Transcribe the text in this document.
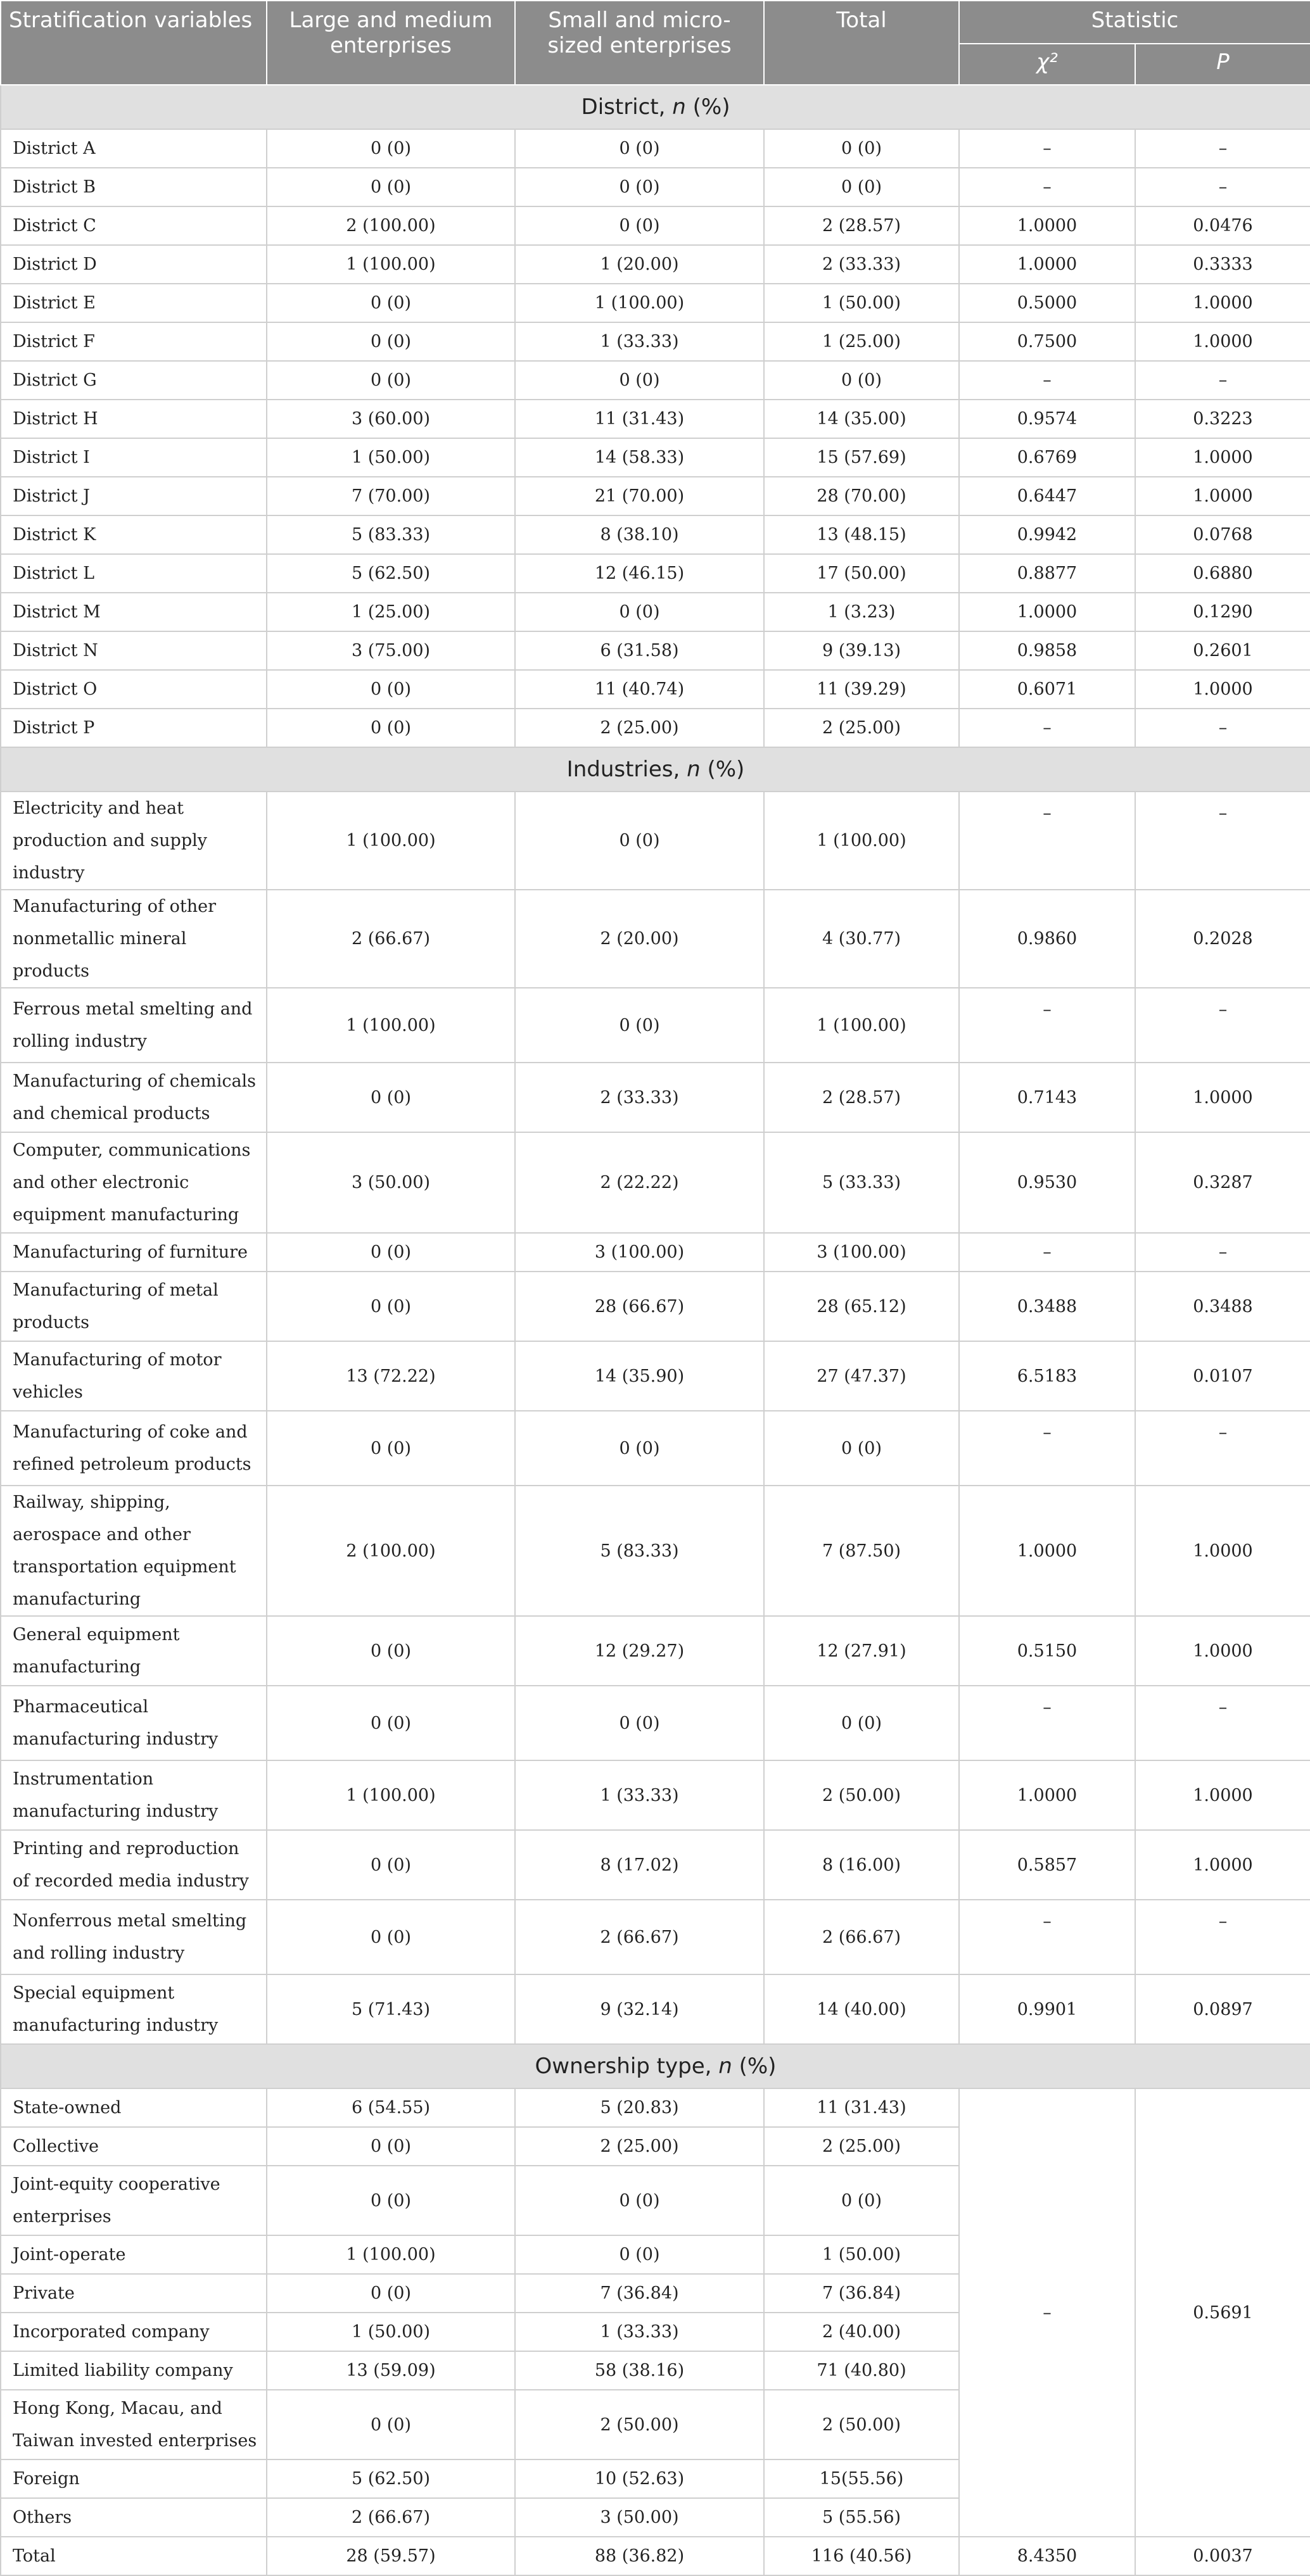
Stratification variables	Large and medium enterprises	Small and micro-sized enterprises	Total	Statistic	
				χ²	P
District, n (%)					
District A	0 (0)	0 (0)	0 (0)	–	–
District B	0 (0)	0 (0)	0 (0)	–	–
District C	2 (100.00)	0 (0)	2 (28.57)	1.0000	0.0476
District D	1 (100.00)	1 (20.00)	2 (33.33)	1.0000	0.3333
District E	0 (0)	1 (100.00)	1 (50.00)	0.5000	1.0000
District F	0 (0)	1 (33.33)	1 (25.00)	0.7500	1.0000
District G	0 (0)	0 (0)	0 (0)	–	–
District H	3 (60.00)	11 (31.43)	14 (35.00)	0.9574	0.3223
District I	1 (50.00)	14 (58.33)	15 (57.69)	0.6769	1.0000
District J	7 (70.00)	21 (70.00)	28 (70.00)	0.6447	1.0000
District K	5 (83.33)	8 (38.10)	13 (48.15)	0.9942	0.0768
District L	5 (62.50)	12 (46.15)	17 (50.00)	0.8877	0.6880
District M	1 (25.00)	0 (0)	1 (3.23)	1.0000	0.1290
District N	3 (75.00)	6 (31.58)	9 (39.13)	0.9858	0.2601
District O	0 (0)	11 (40.74)	11 (39.29)	0.6071	1.0000
District P	0 (0)	2 (25.00)	2 (25.00)	–	–
Industries, n (%)					
Electricity and heat production and supply industry	1 (100.00)	0 (0)	1 (100.00)	–	–
Manufacturing of other nonmetallic mineral products	2 (66.67)	2 (20.00)	4 (30.77)	0.9860	0.2028
Ferrous metal smelting and rolling industry	1 (100.00)	0 (0)	1 (100.00)	–	–
Manufacturing of chemicals and chemical products	0 (0)	2 (33.33)	2 (28.57)	0.7143	1.0000
Computer, communications and other electronic equipment manufacturing	3 (50.00)	2 (22.22)	5 (33.33)	0.9530	0.3287
Manufacturing of furniture	0 (0)	3 (100.00)	3 (100.00)	–	–
Manufacturing of metal products	0 (0)	28 (66.67)	28 (65.12)	0.3488	0.3488
Manufacturing of motor vehicles	13 (72.22)	14 (35.90)	27 (47.37)	6.5183	0.0107
Manufacturing of coke and refined petroleum products	0 (0)	0 (0)	0 (0)	–	–
Railway, shipping, aerospace and other transportation equipment manufacturing	2 (100.00)	5 (83.33)	7 (87.50)	1.0000	1.0000
General equipment manufacturing	0 (0)	12 (29.27)	12 (27.91)	0.5150	1.0000
Pharmaceutical manufacturing industry	0 (0)	0 (0)	0 (0)	–	–
Instrumentation manufacturing industry	1 (100.00)	1 (33.33)	2 (50.00)	1.0000	1.0000
Printing and reproduction of recorded media industry	0 (0)	8 (17.02)	8 (16.00)	0.5857	1.0000
Nonferrous metal smelting and rolling industry	0 (0)	2 (66.67)	2 (66.67)	–	–
Special equipment manufacturing industry	5 (71.43)	9 (32.14)	14 (40.00)	0.9901	0.0897
Ownership type, n (%)					
State-owned	6 (54.55)	5 (20.83)	11 (31.43)	–	0.5691
Collective	0 (0)	2 (25.00)	2 (25.00)		
Joint-equity cooperative enterprises	0 (0)	0 (0)	0 (0)		
Joint-operate	1 (100.00)	0 (0)	1 (50.00)		
Private	0 (0)	7 (36.84)	7 (36.84)		
Incorporated company	1 (50.00)	1 (33.33)	2 (40.00)		
Limited liability company	13 (59.09)	58 (38.16)	71 (40.80)		
Hong Kong, Macau, and Taiwan invested enterprises	0 (0)	2 (50.00)	2 (50.00)		
Foreign	5 (62.50)	10 (52.63)	15(55.56)		
Others	2 (66.67)	3 (50.00)	5 (55.56)		
Total	28 (59.57)	88 (36.82)	116 (40.56)	8.4350	0.0037
